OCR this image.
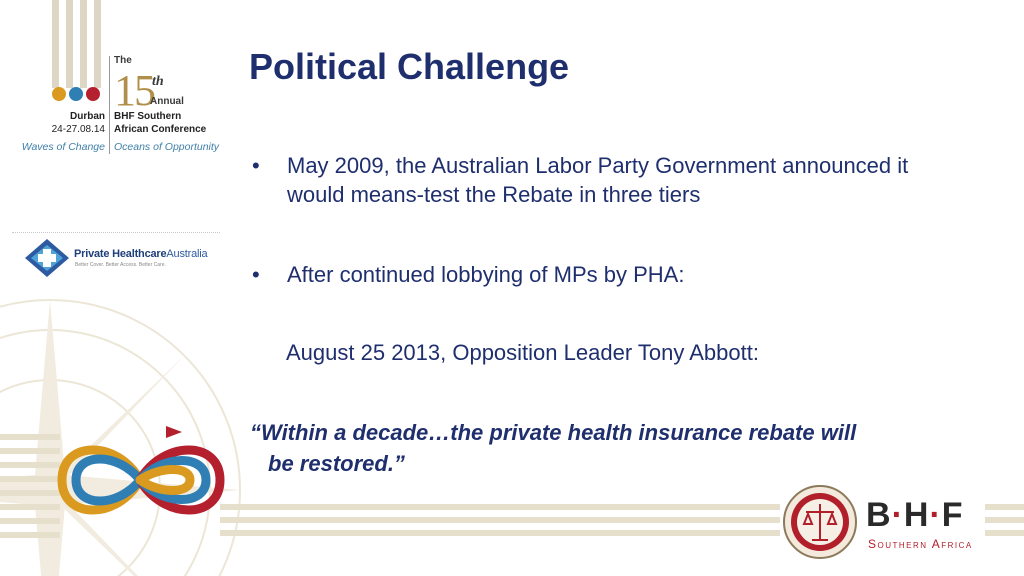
The
15
th
Annual
Durban
24-27.08.14
BHF Southern
African Conference
Waves of Change Oceans of Opportunity
Private HealthcareAustralia
Better Cover. Better Access. Better Care.
Political Challenge
• May 2009, the Australian Labor Party Government announced it would means-test the Rebate in three tiers
• After continued lobbying of MPs by PHA:
August 25 2013, Opposition Leader Tony Abbott:
“Within a decade…the private health insurance rebate will
be restored.”
B·H·F
Southern Africa
